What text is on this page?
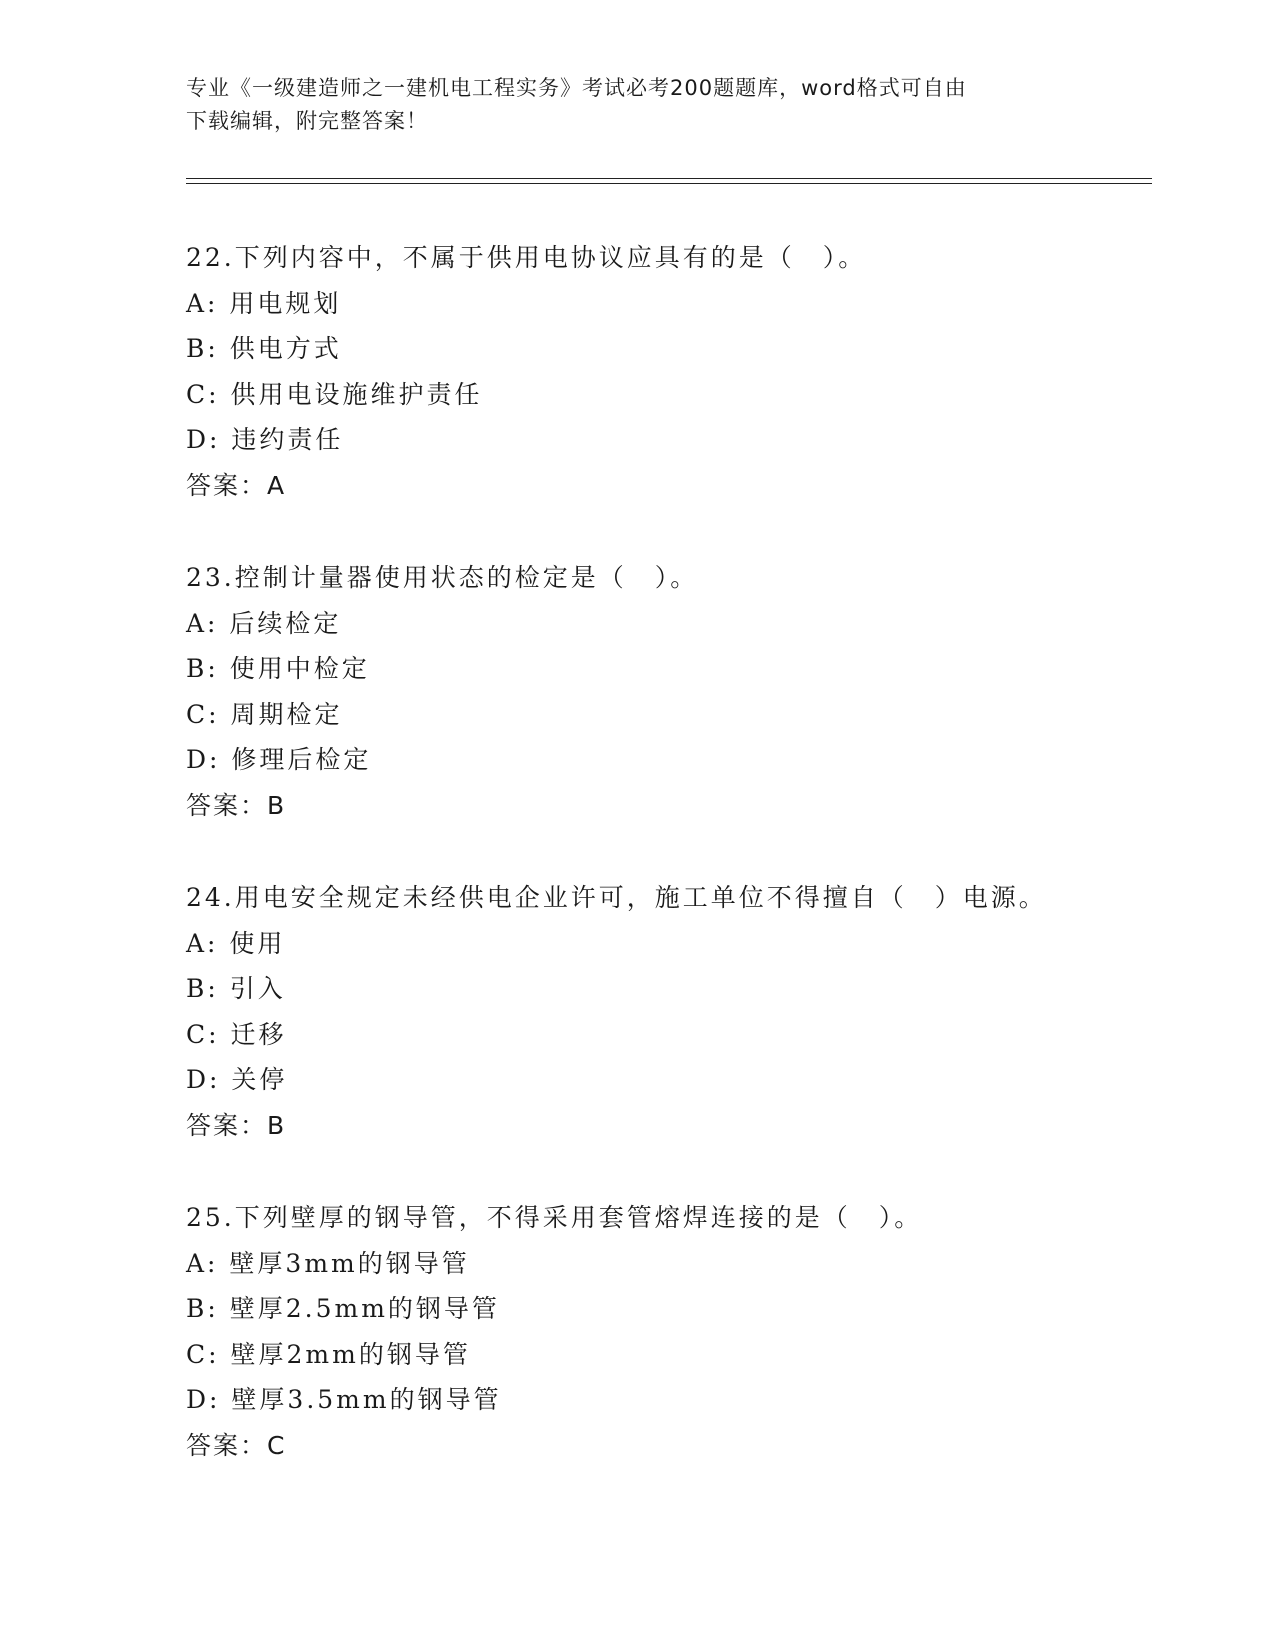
专业《一级建造师之一建机电工程实务》考试必考200题题库，word格式可自由
下载编辑，附完整答案！
22.下列内容中，不属于供用电协议应具有的是（　）。
A: 用电规划
B: 供电方式
C: 供用电设施维护责任
D: 违约责任
答案：A
23.控制计量器使用状态的检定是（　）。
A: 后续检定
B: 使用中检定
C: 周期检定
D: 修理后检定
答案：B
24.用电安全规定未经供电企业许可，施工单位不得擅自（　）电源。
A: 使用
B: 引入
C: 迁移
D: 关停
答案：B
25.下列壁厚的钢导管，不得采用套管熔焊连接的是（　）。
A: 壁厚3mm的钢导管
B: 壁厚2.5mm的钢导管
C: 壁厚2mm的钢导管
D: 壁厚3.5mm的钢导管
答案：C
